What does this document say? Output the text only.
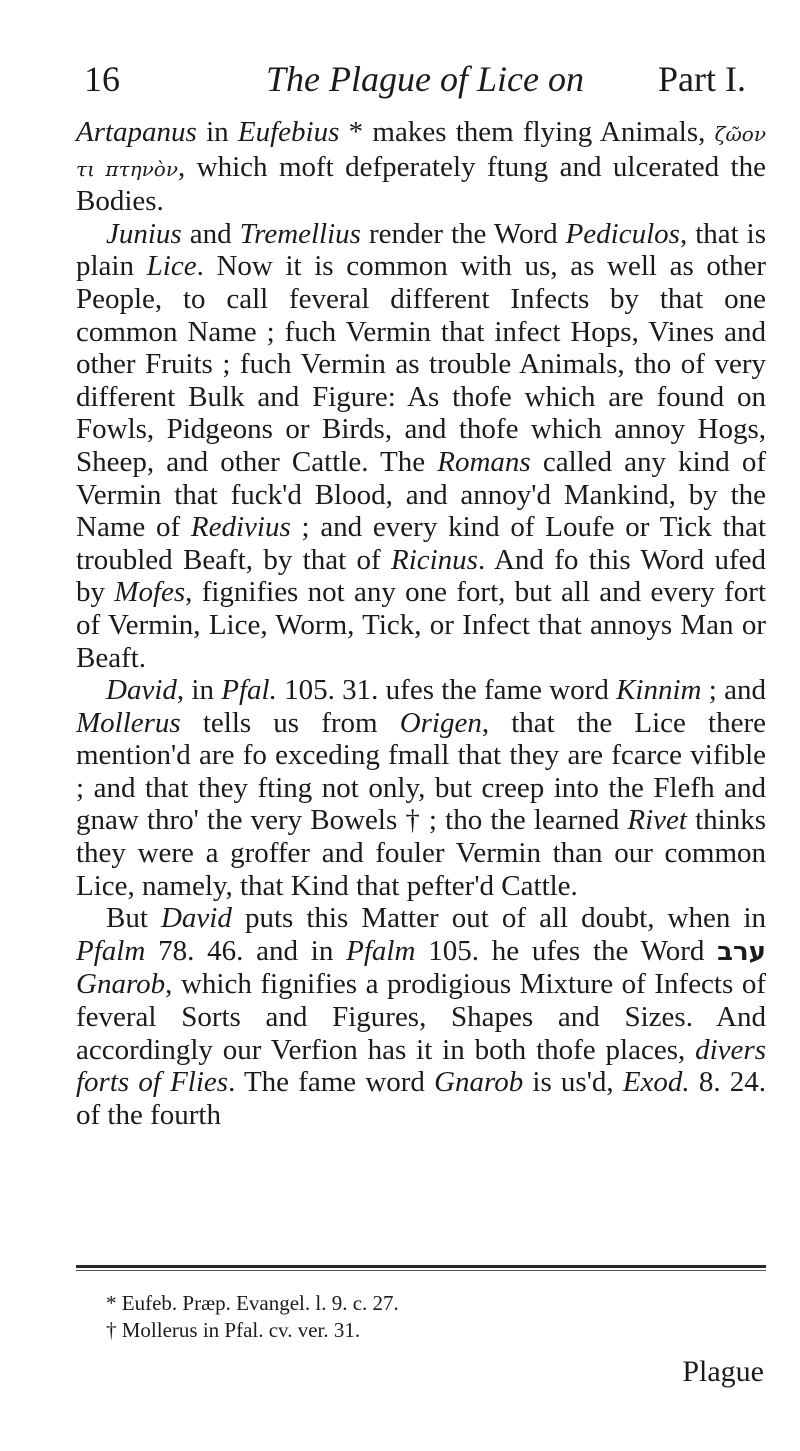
16	The Plague of Lice on Part I.

Artapanus in Eufebius * makes them flying Animals, ζῶον τι πτηνὸν, which moft defperately ftung and ulcerated the Bodies.

Junius and Tremellius render the Word Pediculos, that is plain Lice. Now it is common with us, as well as other People, to call feveral different Infects by that one common Name ; fuch Vermin that infect Hops, Vines and other Fruits ; fuch Vermin as trouble Animals, tho of very different Bulk and Figure: As thofe which are found on Fowls, Pidgeons or Birds, and thofe which annoy Hogs, Sheep, and other Cattle. The Romans called any kind of Vermin that fuck'd Blood, and annoy'd Mankind, by the Name of Redivius ; and every kind of Loufe or Tick that troubled Beaft, by that of Ricinus. And fo this Word ufed by Mofes, fignifies not any one fort, but all and every fort of Vermin, Lice, Worm, Tick, or Infect that annoys Man or Beaft.

David, in Pfal. 105. 31. ufes the fame word Kinnim ; and Mollerus tells us from Origen, that the Lice there mention'd are fo exceding fmall that they are fcarce vifible ; and that they fting not only, but creep into the Flefh and gnaw thro' the very Bowels † ; tho the learned Rivet thinks they were a groffer and fouler Vermin than our common Lice, namely, that Kind that pefter'd Cattle.

But David puts this Matter out of all doubt, when in Pfalm 78. 46. and in Pfalm 105. he ufes the Word ערב Gnarob, which fignifies a prodigious Mixture of Infects of feveral Sorts and Figures, Shapes and Sizes. And accordingly our Verfion has it in both thofe places, divers forts of Flies. The fame word Gnarob is us'd, Exod. 8. 24. of the fourth

* Eufeb. Præp. Evangel. l. 9. c. 27.
† Mollerus in Pfal. cv. ver. 31.
Plague
